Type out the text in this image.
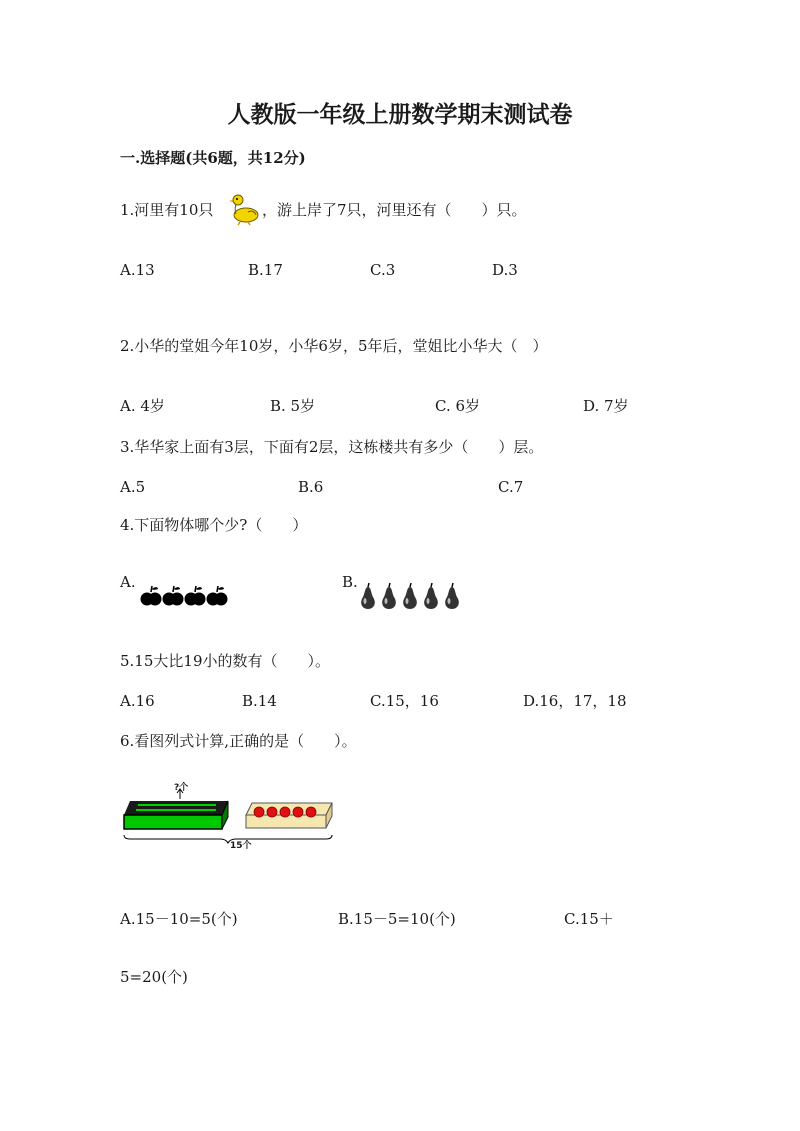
人教版一年级上册数学期末测试卷
一.选择题(共6题，共12分)
1.河里有10只	，游上岸了7只，河里还有（　　）只。
A.13	B.17	C.3	D.3
2.小华的堂姐今年10岁，小华6岁，5年后，堂姐比小华大（　）
A. 4岁	B. 5岁	C. 6岁	D. 7岁
3.华华家上面有3层，下面有2层，这栋楼共有多少（　　）层。
A.5	B.6	C.7
4.下面物体哪个少?（　　）
A.	B.
5.15大比19小的数有（　　）。
A.16	B.14	C.15，16	D.16，17，18
6.看图列式计算,正确的是（　　）。
?个
15个
A.15－10=5(个)	B.15－5=10(个)	C.15＋
5=20(个)
